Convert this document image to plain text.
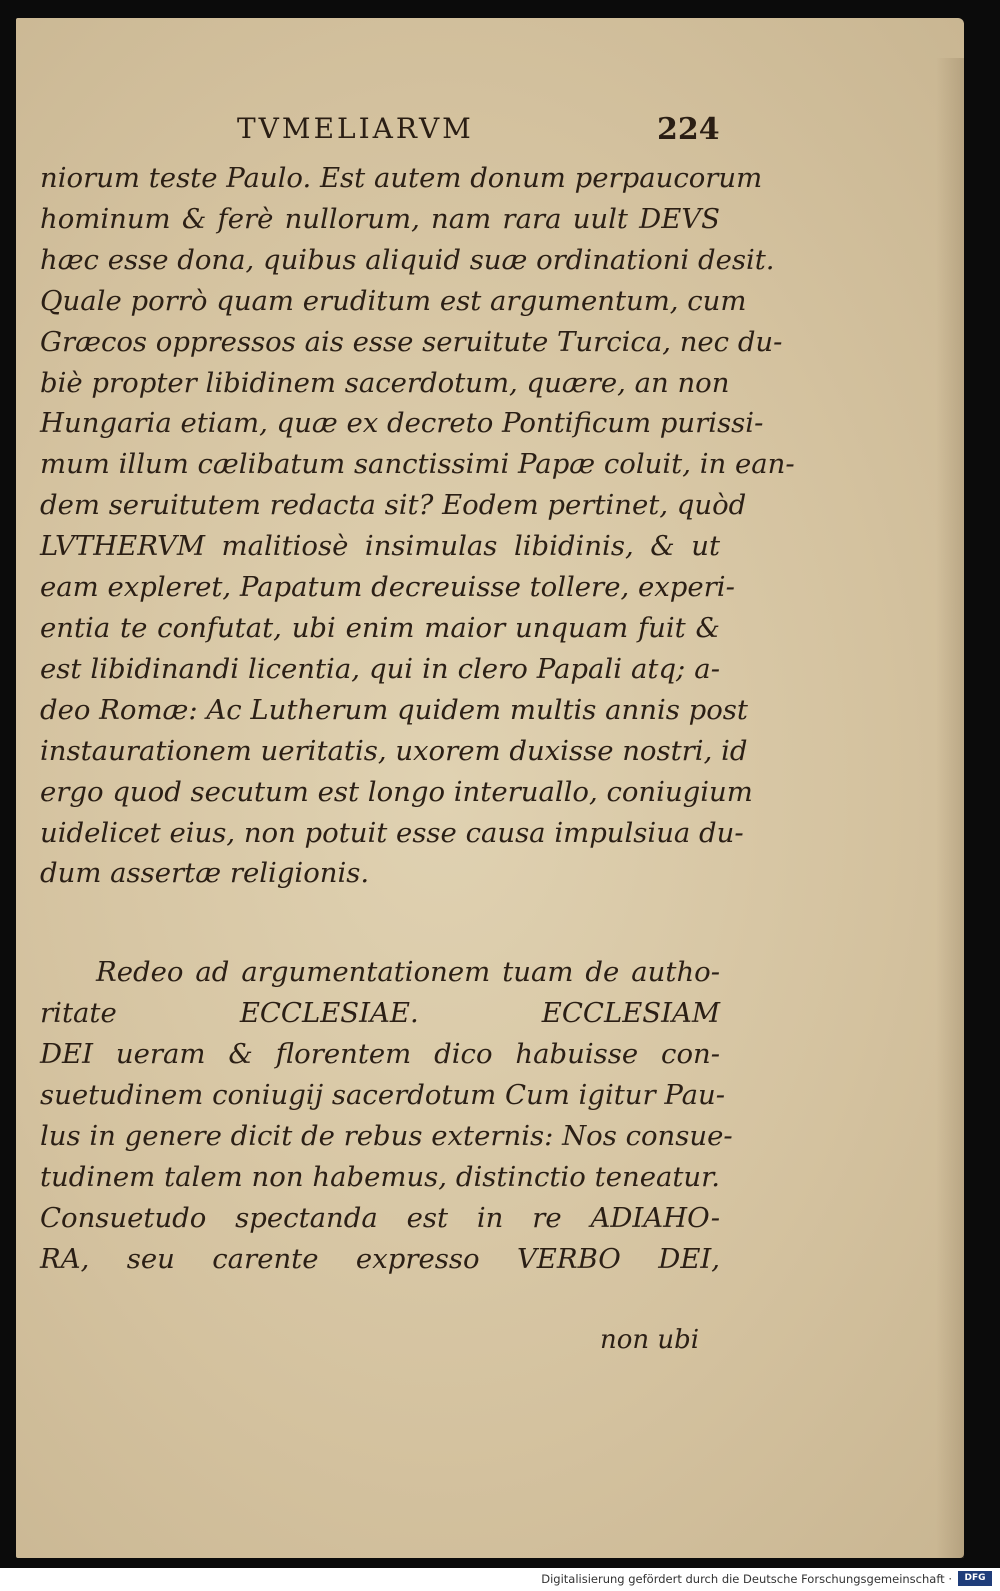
TVMELIARVM	224
niorum teste Paulo. Est autem donum perpaucorum
hominum & ferè nullorum, nam rara uult DEVS
hæc esse dona, quibus aliquid suæ ordinationi desit.
Quale porrò quam eruditum est argumentum, cum
Græcos oppressos ais esse seruitute Turcica, nec du-
biè propter libidinem sacerdotum, quære, an non
Hungaria etiam, quæ ex decreto Pontificum purissi-
mum illum cælibatum sanctissimi Papæ coluit, in ean-
dem seruitutem redacta sit? Eodem pertinet, quòd
LVTHERVM malitiosè insimulas libidinis, & ut
eam expleret, Papatum decreuisse tollere, experi-
entia te confutat, ubi enim maior unquam fuit &
est libidinandi licentia, qui in clero Papali atq; a-
deo Romæ: Ac Lutherum quidem multis annis post
instaurationem ueritatis, uxorem duxisse nostri, id
ergo quod secutum est longo interuallo, coniugium
uidelicet eius, non potuit esse causa impulsiua du-
dum assertæ religionis.
Redeo ad argumentationem tuam de autho-
ritate ECCLESIAE. ECCLESIAM
DEI ueram & florentem dico habuisse con-
suetudinem coniugij sacerdotum Cum igitur Pau-
lus in genere dicit de rebus externis: Nos consue-
tudinem talem non habemus, distinctio teneatur.
Consuetudo spectanda est in re ADIAHO-
RA, seu carente expresso VERBO DEI,
non ubi
Digitalisierung gefördert durch die Deutsche Forschungsgemeinschaft ·	DFG
